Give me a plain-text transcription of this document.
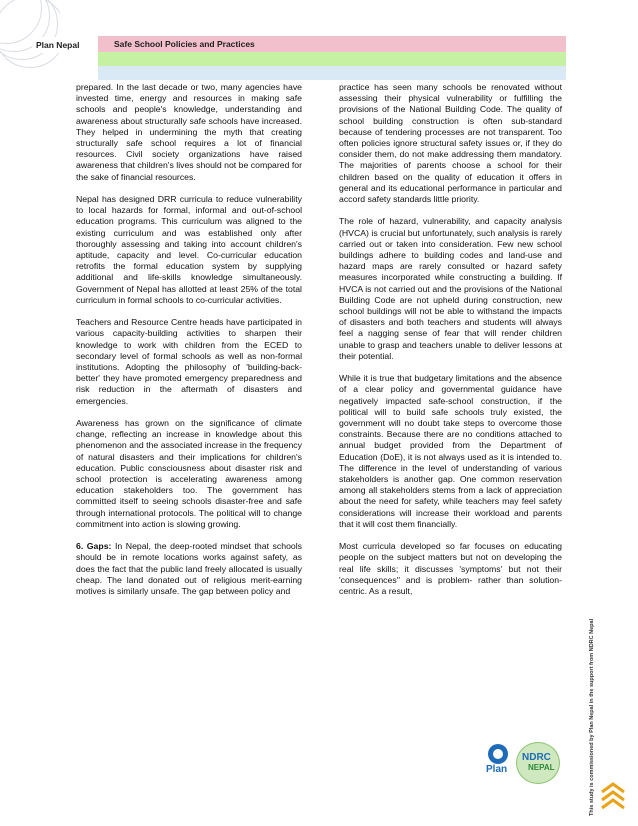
Plan Nepal	Safe School Policies and Practices

prepared. In the last decade or two, many agencies have invested time, energy and resources in making safe schools and people's knowledge, understanding and awareness about structurally safe schools have increased. They helped in undermining the myth that creating structurally safe school requires a lot of financial resources. Civil society organizations have raised awareness that children's lives should not be compared for the sake of financial resources.

Nepal has designed DRR curricula to reduce vulnerability to local hazards for formal, informal and out-of-school education programs. This curriculum was aligned to the existing curriculum and was established only after thoroughly assessing and taking into account children's aptitude, capacity and level. Co-curricular education retrofits the formal education system by supplying additional and life-skills knowledge simultaneously. Government of Nepal has allotted at least 25% of the total curriculum in formal schools to co-curricular activities.

Teachers and Resource Centre heads have participated in various capacity-building activities to sharpen their knowledge to work with children from the ECED to secondary level of formal schools as well as non-formal institutions. Adopting the philosophy of 'building-back-better' they have promoted emergency preparedness and risk reduction in the aftermath of disasters and emergencies.

Awareness has grown on the significance of climate change, reflecting an increase in knowledge about this phenomenon and the associated increase in the frequency of natural disasters and their implications for children's education. Public consciousness about disaster risk and school protection is accelerating awareness among education stakeholders too. The government has committed itself to seeing schools disaster-free and safe through international protocols. The political will to change commitment into action is slowing growing.

6. Gaps: In Nepal, the deep-rooted mindset that schools should be in remote locations works against safety, as does the fact that the public land freely allocated is usually cheap. The land donated out of religious merit-earning motives is similarly unsafe. The gap between policy and

practice has seen many schools be renovated without assessing their physical vulnerability or fulfilling the provisions of the National Building Code. The quality of school building construction is often sub-standard because of tendering processes are not transparent. Too often policies ignore structural safety issues or, if they do consider them, do not make addressing them mandatory. The majorities of parents choose a school for their children based on the quality of education it offers in general and its educational performance in particular and accord safety standards little priority.

The role of hazard, vulnerability, and capacity analysis (HVCA) is crucial but unfortunately, such analysis is rarely carried out or taken into consideration. Few new school buildings adhere to building codes and land-use and hazard maps are rarely consulted or hazard safety measures incorporated while constructing a building. If HVCA is not carried out and the provisions of the National Building Code are not upheld during construction, new school buildings will not be able to withstand the impacts of disasters and both teachers and students will always feel a nagging sense of fear that will render children unable to grasp and teachers unable to deliver lessons at their potential.

While it is true that budgetary limitations and the absence of a clear policy and governmental guidance have negatively impacted safe-school construction, if the political will to build safe schools truly existed, the government will no doubt take steps to overcome those constraints. Because there are no conditions attached to annual budget provided from the Department of Education (DoE), it is not always used as it is intended to. The difference in the level of understanding of various stakeholders is another gap. One common reservation among all stakeholders stems from a lack of appreciation about the need for safety, while teachers may feel safety considerations will increase their workload and parents that it will cost them financially.

Most curricula developed so far focuses on educating people on the subject matters but not on developing the real life skills; it discusses 'symptoms' but not their 'consequences'' and is problem- rather than solution-centric. As a result,

This study is commissioned by Plan Nepal in the support from NDRC Nepal
Plan
NDRC
NEPAL
